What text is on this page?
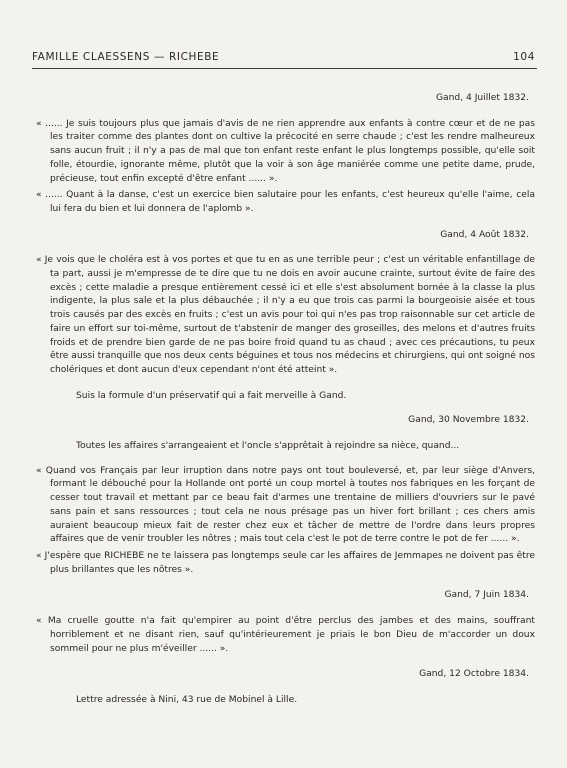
FAMILLE CLAESSENS — RICHEBE	104

Gand, 4 Juillet 1832.

« ...... Je suis toujours plus que jamais d'avis de ne rien apprendre aux enfants à contre cœur et de ne pas les traiter comme des plantes dont on cultive la précocité en serre chaude ; c'est les rendre malheureux sans aucun fruit ; il n'y a pas de mal que ton enfant reste enfant le plus longtemps possible, qu'elle soit folle, étourdie, ignorante même, plutôt que la voir à son âge maniérée comme une petite dame, prude, précieuse, tout enfin excepté d'être enfant ...... ».

« ...... Quant à la danse, c'est un exercice bien salutaire pour les enfants, c'est heureux qu'elle l'aime, cela lui fera du bien et lui donnera de l'aplomb ».

Gand, 4 Août 1832.

« Je vois que le choléra est à vos portes et que tu en as une terrible peur ; c'est un véritable enfantillage de ta part, aussi je m'empresse de te dire que tu ne dois en avoir aucune crainte, surtout évite de faire des excès ; cette maladie a presque entièrement cessé ici et elle s'est absolument bornée à la classe la plus indigente, la plus sale et la plus débauchée ; il n'y a eu que trois cas parmi la bourgeoisie aisée et tous trois causés par des excès en fruits ; c'est un avis pour toi qui n'es pas trop raisonnable sur cet article de faire un effort sur toi-même, surtout de t'abstenir de manger des groseilles, des melons et d'autres fruits froids et de prendre bien garde de ne pas boire froid quand tu as chaud ; avec ces précautions, tu peux être aussi tranquille que nos deux cents béguines et tous nos médecins et chirurgiens, qui ont soigné nos cholériques et dont aucun d'eux cependant n'ont été atteint ».

Suis la formule d'un préservatif qui a fait merveille à Gand.

Gand, 30 Novembre 1832.

Toutes les affaires s'arrangeaient et l'oncle s'apprêtait à rejoindre sa nièce, quand...

« Quand vos Français par leur irruption dans notre pays ont tout bouleversé, et, par leur siège d'Anvers, formant le débouché pour la Hollande ont porté un coup mortel à toutes nos fabriques en les forçant de cesser tout travail et mettant par ce beau fait d'armes une trentaine de milliers d'ouvriers sur le pavé sans pain et sans ressources ; tout cela ne nous présage pas un hiver fort brillant ; ces chers amis auraient beaucoup mieux fait de rester chez eux et tâcher de mettre de l'ordre dans leurs propres affaires que de venir troubler les nôtres ; mais tout cela c'est le pot de terre contre le pot de fer ...... ».

« J'espère que RICHEBE ne te laissera pas longtemps seule car les affaires de Jemmapes ne doivent pas être plus brillantes que les nôtres ».

Gand, 7 Juin 1834.

« Ma cruelle goutte n'a fait qu'empirer au point d'être perclus des jambes et des mains, souffrant horriblement et ne disant rien, sauf qu'intérieurement je priais le bon Dieu de m'accorder un doux sommeil pour ne plus m'éveiller ...... ».

Gand, 12 Octobre 1834.

Lettre adressée à Nini, 43 rue de Mobinel à Lille.
